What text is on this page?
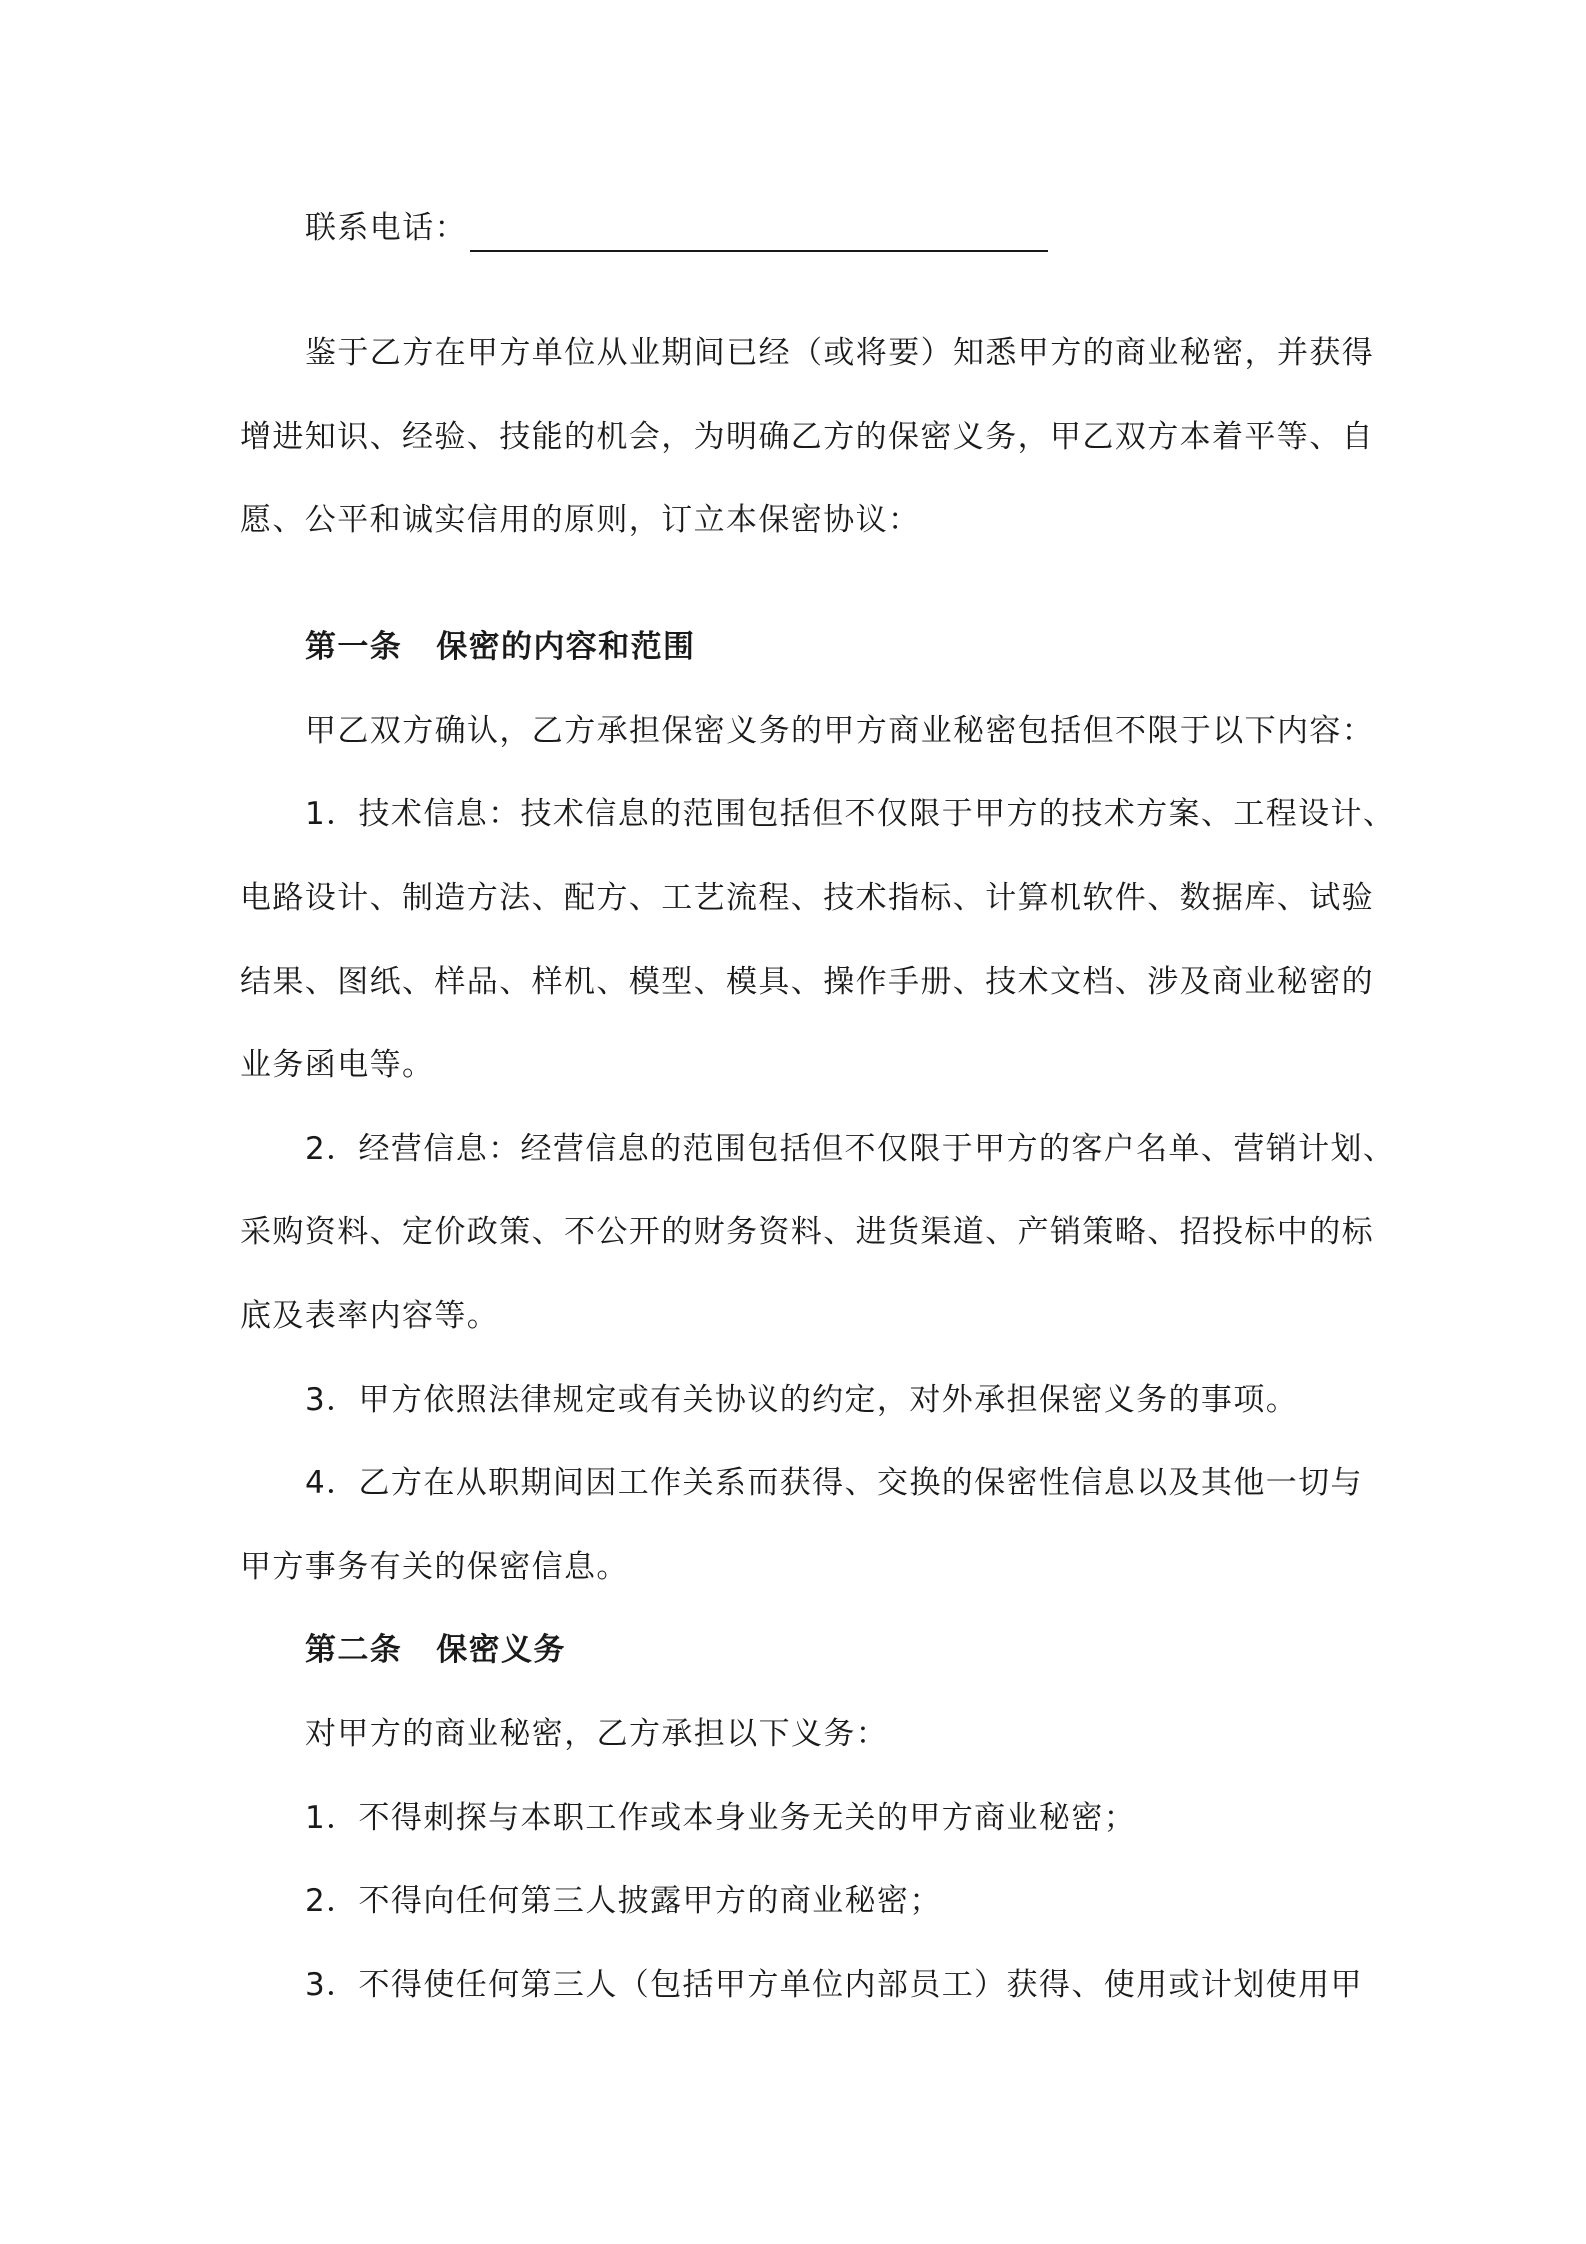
联系电话：
鉴于乙方在甲方单位从业期间已经（或将要）知悉甲方的商业秘密，并获得
增进知识、经验、技能的机会，为明确乙方的保密义务，甲乙双方本着平等、自
愿、公平和诚实信用的原则，订立本保密协议：
第一条 保密的内容和范围
甲乙双方确认，乙方承担保密义务的甲方商业秘密包括但不限于以下内容：
1．技术信息：技术信息的范围包括但不仅限于甲方的技术方案、工程设计、
电路设计、制造方法、配方、工艺流程、技术指标、计算机软件、数据库、试验
结果、图纸、样品、样机、模型、模具、操作手册、技术文档、涉及商业秘密的
业务函电等。
2．经营信息：经营信息的范围包括但不仅限于甲方的客户名单、营销计划、
采购资料、定价政策、不公开的财务资料、进货渠道、产销策略、招投标中的标
底及表率内容等。
3．甲方依照法律规定或有关协议的约定，对外承担保密义务的事项。
4．乙方在从职期间因工作关系而获得、交换的保密性信息以及其他一切与
甲方事务有关的保密信息。
第二条 保密义务
对甲方的商业秘密，乙方承担以下义务：
1．不得刺探与本职工作或本身业务无关的甲方商业秘密；
2．不得向任何第三人披露甲方的商业秘密；
3．不得使任何第三人（包括甲方单位内部员工）获得、使用或计划使用甲
